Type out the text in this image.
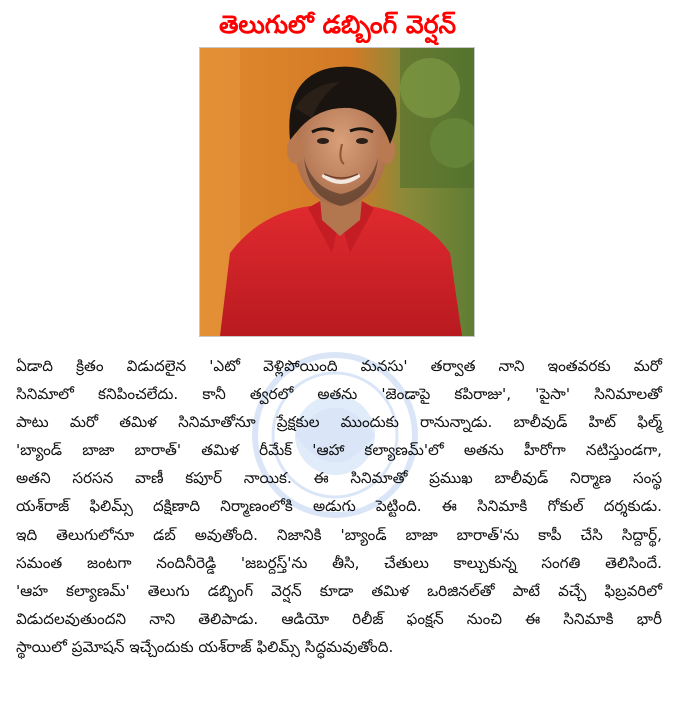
తెలుగులో డబ్బింగ్ వెర్షన్
ఏడాది క్రితం విడుదలైన 'ఎటో వెళ్లిపోయింది మనసు' తర్వాత నాని ఇంతవరకు మరో
సినిమాలో కనిపించలేదు. కానీ త్వరలో అతను 'జెండాపై కపిరాజు', 'పైసా' సినిమాలతో
పాటు మరో తమిళ సినిమాతోనూ ప్రేక్షకుల ముందుకు రానున్నాడు. బాలీవుడ్ హిట్ ఫిల్మ్
'బ్యాండ్ బాజా బారాత్' తమిళ రీమేక్ 'ఆహా కల్యాణమ్'లో అతను హీరోగా నటిస్తుండగా,
అతని సరసన వాణీ కపూర్ నాయిక. ఈ సినిమాతో ప్రముఖ బాలీవుడ్ నిర్మాణ సంస్థ
యశ్‌రాజ్ ఫిలిమ్స్ దక్షిణాది నిర్మాణంలోకి అడుగు పెట్టింది. ఈ సినిమాకి గోకుల్ దర్శకుడు.
ఇది తెలుగులోనూ డబ్ అవుతోంది. నిజానికి 'బ్యాండ్ బాజా బారాత్'ను కాపీ చేసి సిద్దార్థ్,
సమంత జంటగా నందినీరెడ్డి 'జబర్దస్త్'ను తీసి, చేతులు కాల్చుకున్న సంగతి తెలిసిందే.
'ఆహ కల్యాణమ్' తెలుగు డబ్బింగ్ వెర్షన్ కూడా తమిళ ఒరిజినల్‌తో పాటే వచ్చే ఫిబ్రవరిలో
విడుదలవుతుందని నాని తెలిపాడు. ఆడియో రిలీజ్ ఫంక్షన్ నుంచి ఈ సినిమాకి భారీ
స్థాయిలో ప్రమోషన్ ఇచ్చేందుకు యశ్‌రాజ్ ఫిలిమ్స్ సిద్ధమవుతోంది.
